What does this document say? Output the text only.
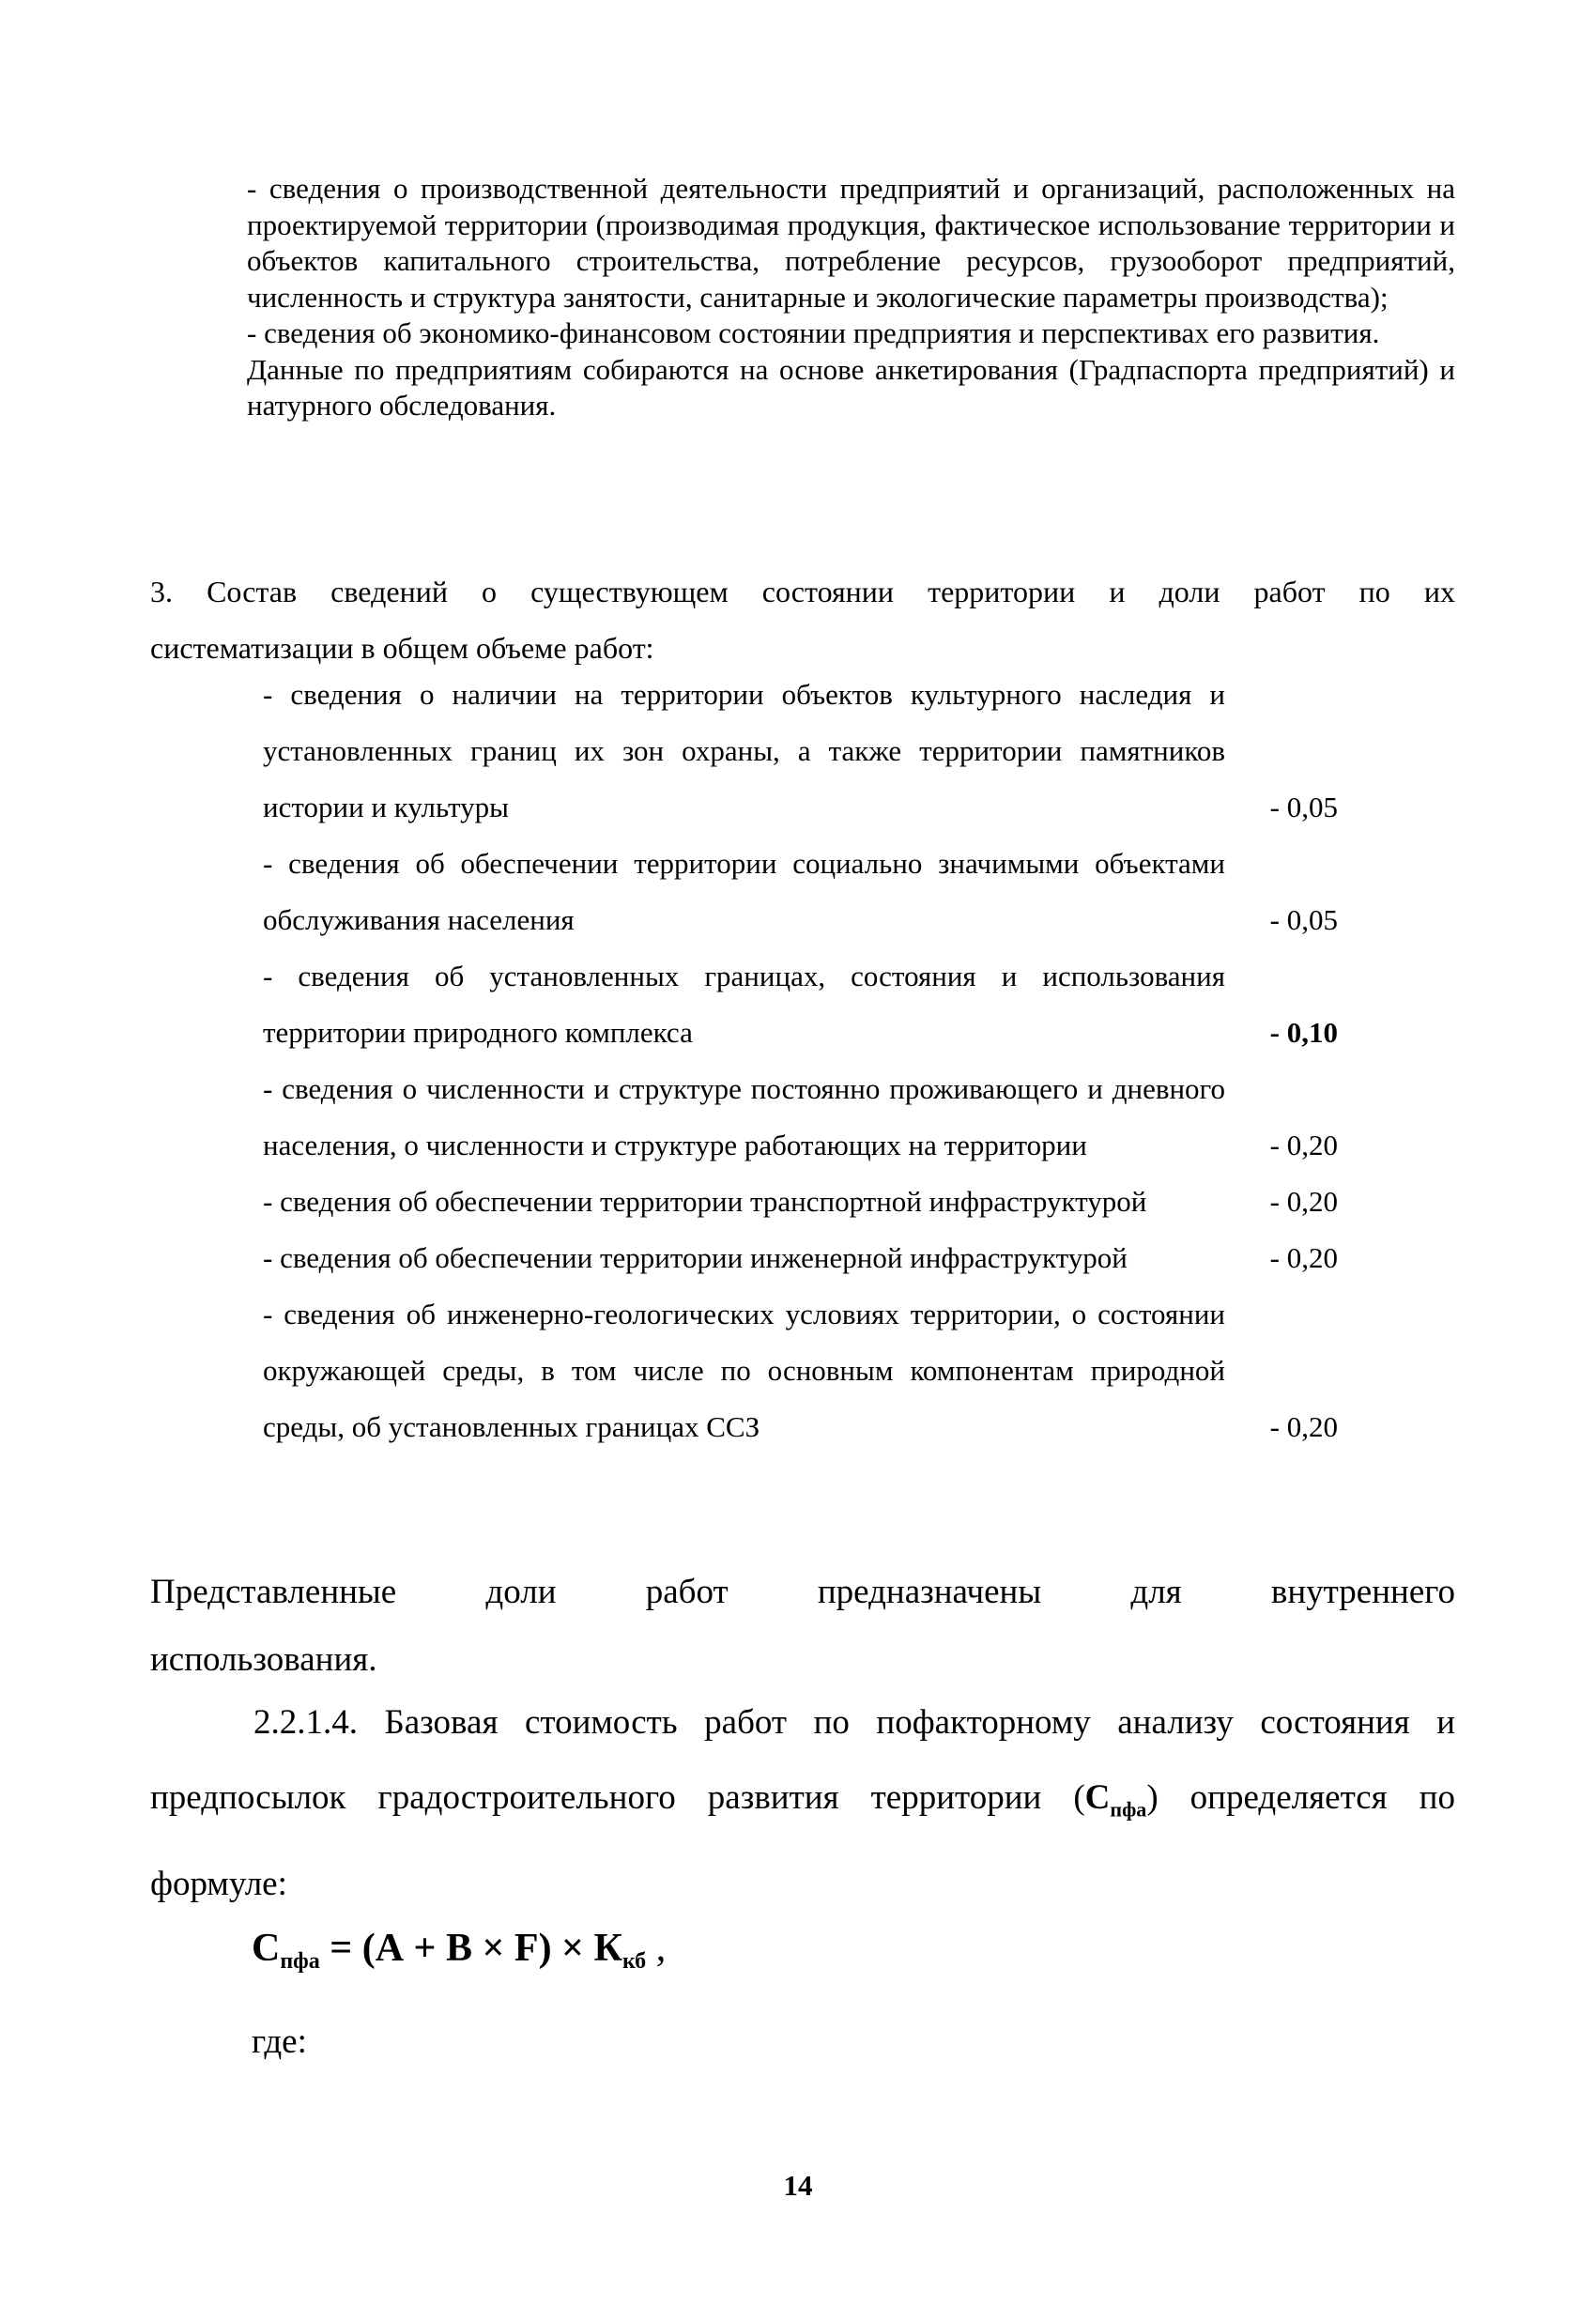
- сведения о производственной деятельности предприятий и организаций, расположенных на проектируемой территории (производимая продукция, фактическое использование территории и объектов капитального строительства, потребление ресурсов, грузооборот предприятий, численность и структура занятости, санитарные и экологические параметры производства);

- сведения об экономико-финансовом состоянии предприятия и перспективах его развития.

Данные по предприятиям собираются на основе анкетирования (Градпаспорта предприятий) и натурного обследования.

3. Состав сведений о существующем состоянии территории и доли работ по их
систематизации в общем объеме работ:
- сведения о наличии на территории объектов культурного наследия и установленных границ их зон охраны, а также территории памятников истории и культуры	- 0,05
- сведения об обеспечении территории социально значимыми объектами обслуживания населения	- 0,05
- сведения об установленных границах, состояния и использования территории природного комплекса	- 0,10
- сведения о численности и структуре постоянно проживающего и дневного населения, о численности и структуре работающих на территории	- 0,20
- сведения об обеспечении территории транспортной инфраструктурой	- 0,20
- сведения об обеспечении территории инженерной инфраструктурой	- 0,20
- сведения об инженерно-геологических условиях территории, о состоянии окружающей среды, в том числе по основным компонентам природной среды, об установленных границах ССЗ	- 0,20
Представленные доли работ предназначены для внутреннего
использования.

2.2.1.4. Базовая стоимость работ по пофакторному анализу состояния и предпосылок градостроительного развития территории $(С_{пфа})$ определяется по формуле:

$С_{пфа} = (А + В \times F) \times К_{кб}$ ,
где:
14
